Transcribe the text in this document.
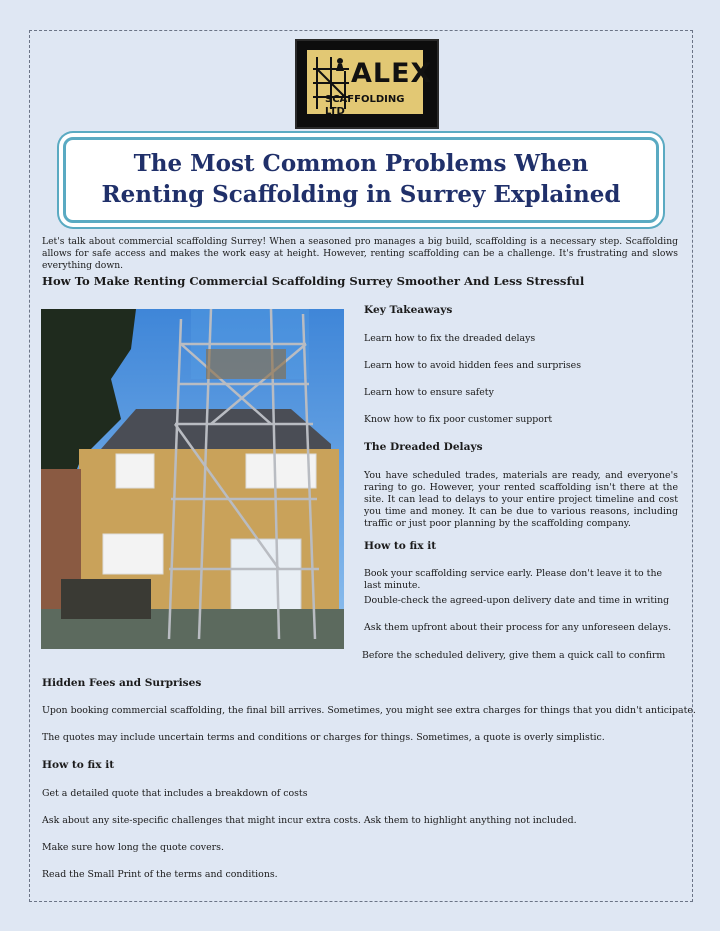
ALEX
SCAFFOLDING LTD
The Most Common Problems When Renting Scaffolding in Surrey Explained
Let's talk about commercial scaffolding Surrey! When a seasoned pro manages a big build, scaffolding is a necessary step. Scaffolding allows for safe access and makes the work easy at height. However, renting scaffolding can be a challenge. It's frustrating and slows everything down.
How To Make Renting Commercial Scaffolding Surrey Smoother And Less Stressful
Key Takeaways
Learn how to fix the dreaded delays
Learn how to avoid hidden fees and surprises
Learn how to ensure safety
Know how to fix poor customer support
The Dreaded Delays
You have scheduled trades, materials are ready, and everyone's raring to go. However, your rented scaffolding isn't there at the site. It can lead to delays to your entire project timeline and cost you time and money. It can be due to various reasons, including traffic or just poor planning by the scaffolding company.
How to fix it
Book your scaffolding service early. Please don't leave it to the last minute.
Double-check the agreed-upon delivery date and time in writing
Ask them upfront about their process for any unforeseen delays.
Before the scheduled delivery, give them a quick call to confirm
Hidden Fees and Surprises
Upon booking commercial scaffolding, the final bill arrives. Sometimes, you might see extra charges for things that you didn't anticipate.
The quotes may include uncertain terms and conditions or charges for things. Sometimes, a quote is overly simplistic.
How to fix it
Get a detailed quote that includes a breakdown of costs
Ask about any site-specific challenges that might incur extra costs. Ask them to highlight anything not included.
Make sure how long the quote covers.
Read the Small Print of the terms and conditions.
